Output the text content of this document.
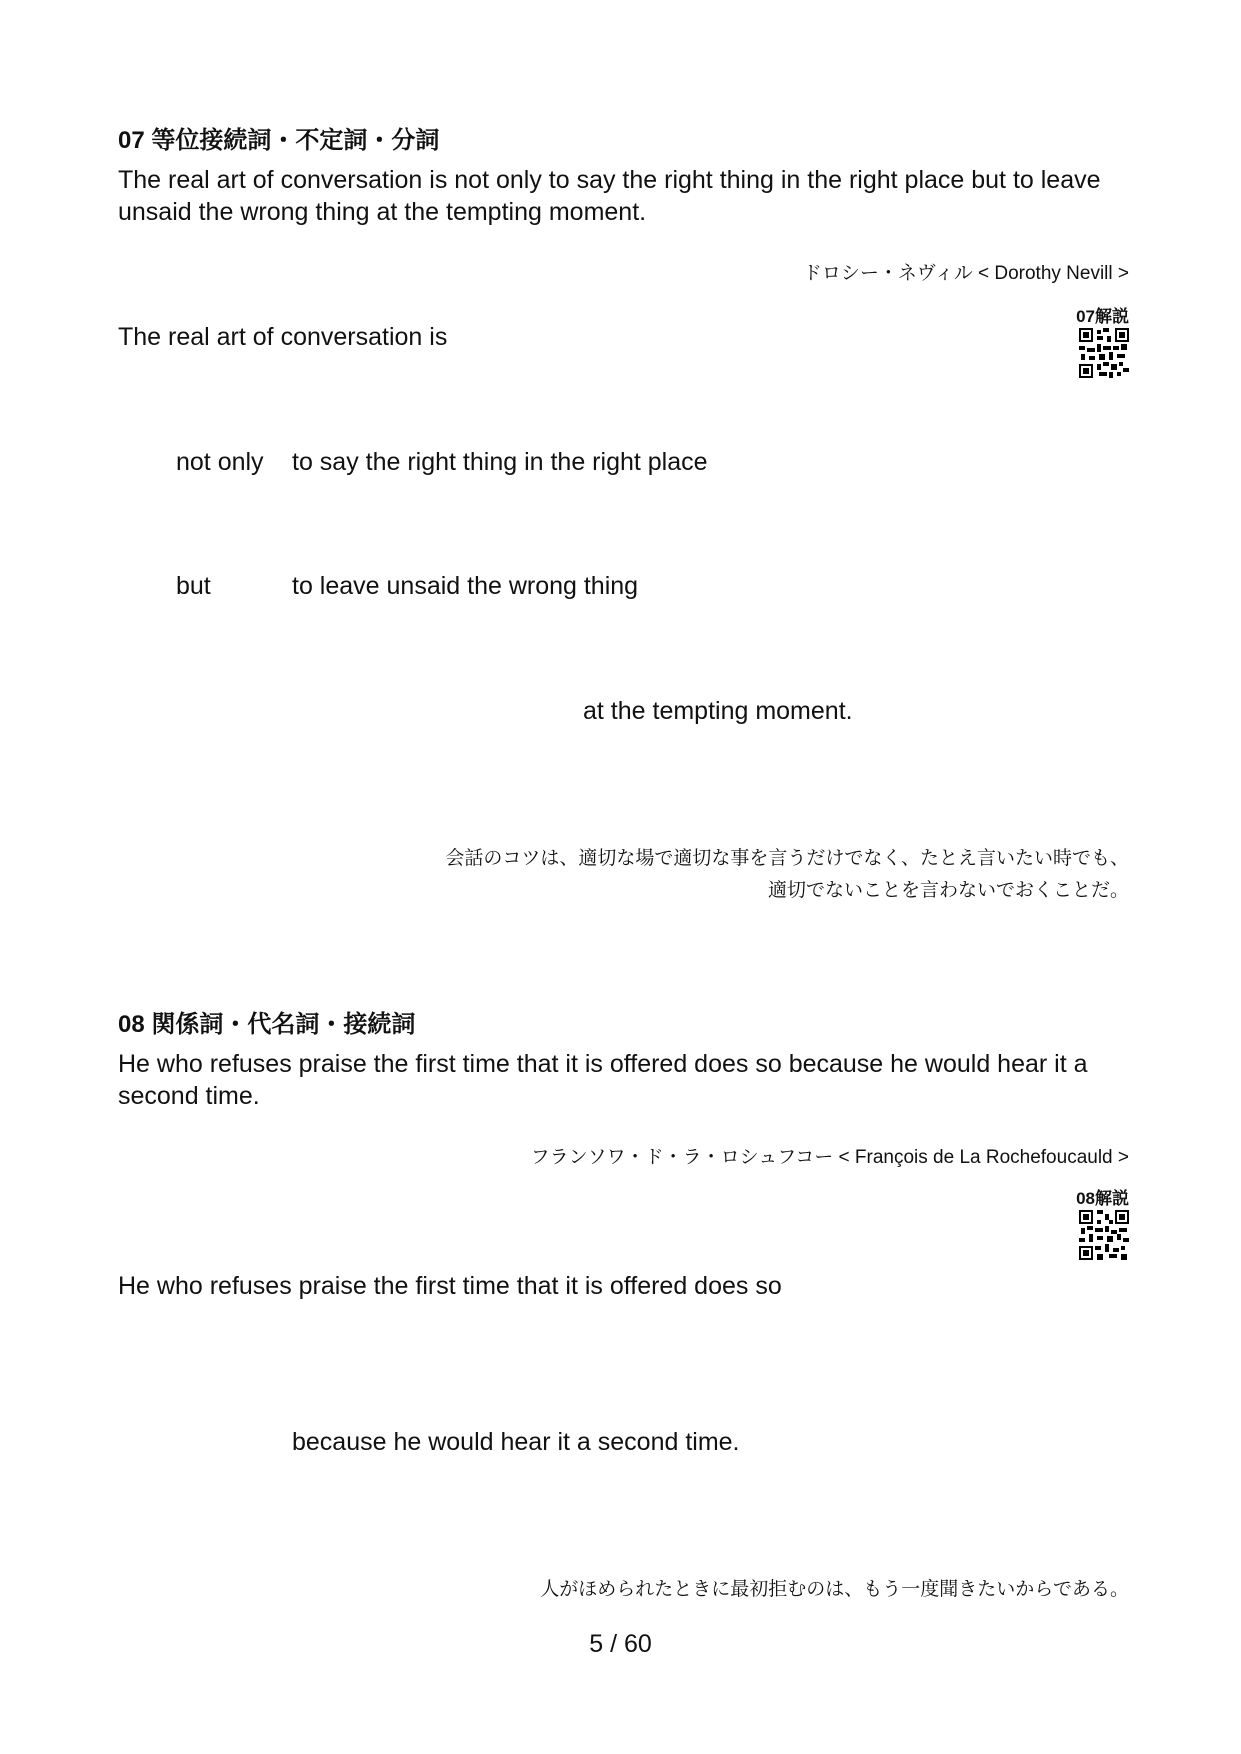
07 等位接続詞・不定詞・分詞
The real art of conversation is not only to say the right thing in the right place but to leave unsaid the wrong thing at the tempting moment.
ドロシー・ネヴィル < Dorothy Nevill >
07解説
The real art of conversation is
not only to say the right thing in the right place
but	to leave unsaid the wrong thing
at the tempting moment.
会話のコツは、適切な場で適切な事を言うだけでなく、たとえ言いたい時でも、
適切でないことを言わないでおくことだ。
08 関係詞・代名詞・接続詞
He who refuses praise the first time that it is offered does so because he would hear it a second time.
フランソワ・ド・ラ・ロシュフコー < François de La Rochefoucauld >
08解説
He who refuses praise the first time that it is offered does so
because he would hear it a second time.
人がほめられたときに最初拒むのは、もう一度聞きたいからである。
5 / 60
